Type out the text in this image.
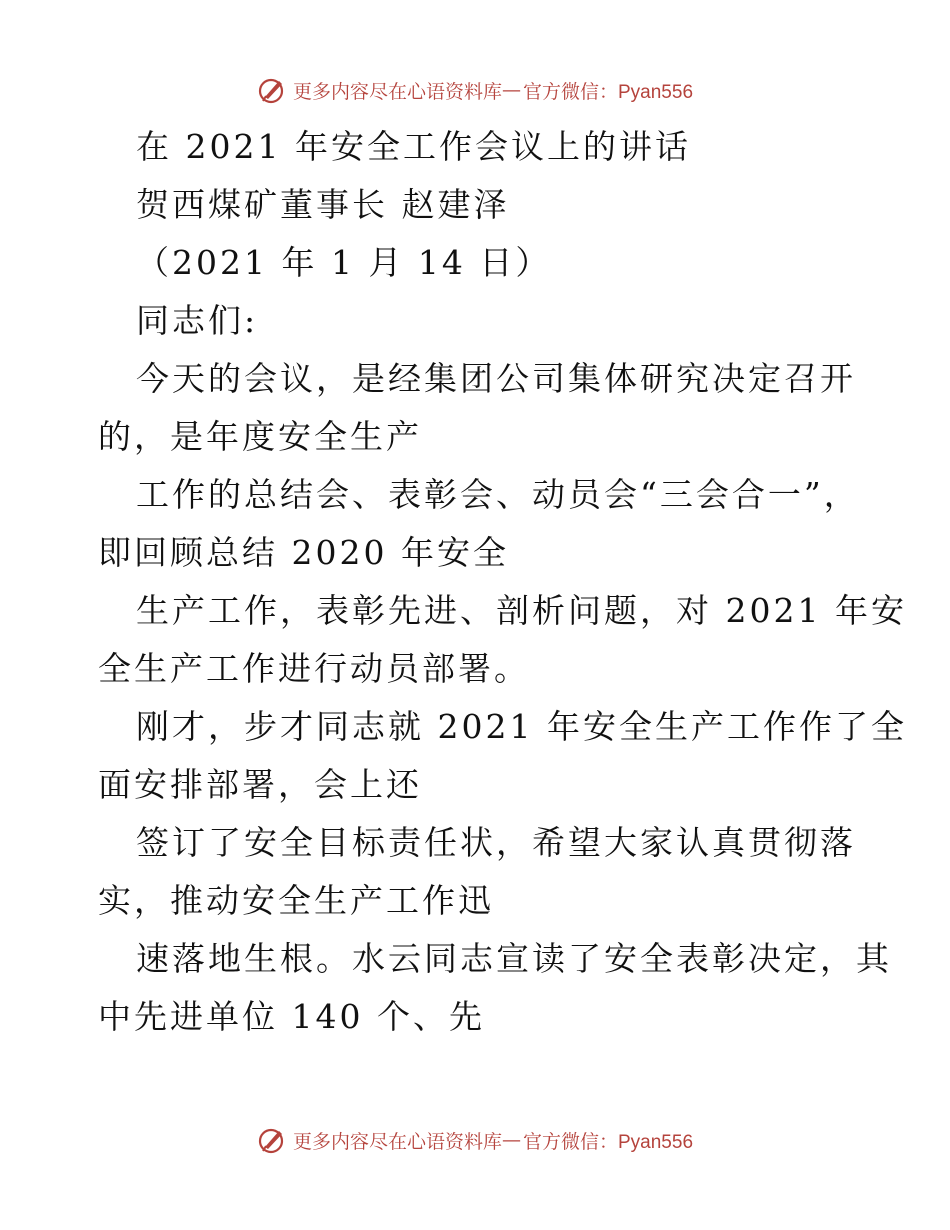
更多内容尽在心语资料库 — 官方微信：Pyan556
在 2021 年安全工作会议上的讲话
贺西煤矿董事长 赵建泽
（2021 年 1 月 14 日）
同志们:
今天的会议，是经集团公司集体研究决定召开
的，是年度安全生产
工作的总结会、表彰会、动员会“三会合一”，
即回顾总结 2020 年安全
生产工作，表彰先进、剖析问题，对 2021 年安
全生产工作进行动员部署。
刚才，步才同志就 2021 年安全生产工作作了全
面安排部署，会上还
签订了安全目标责任状，希望大家认真贯彻落
实，推动安全生产工作迅
速落地生根。水云同志宣读了安全表彰决定，其
中先进单位 140 个、先
更多内容尽在心语资料库 — 官方微信：Pyan556
